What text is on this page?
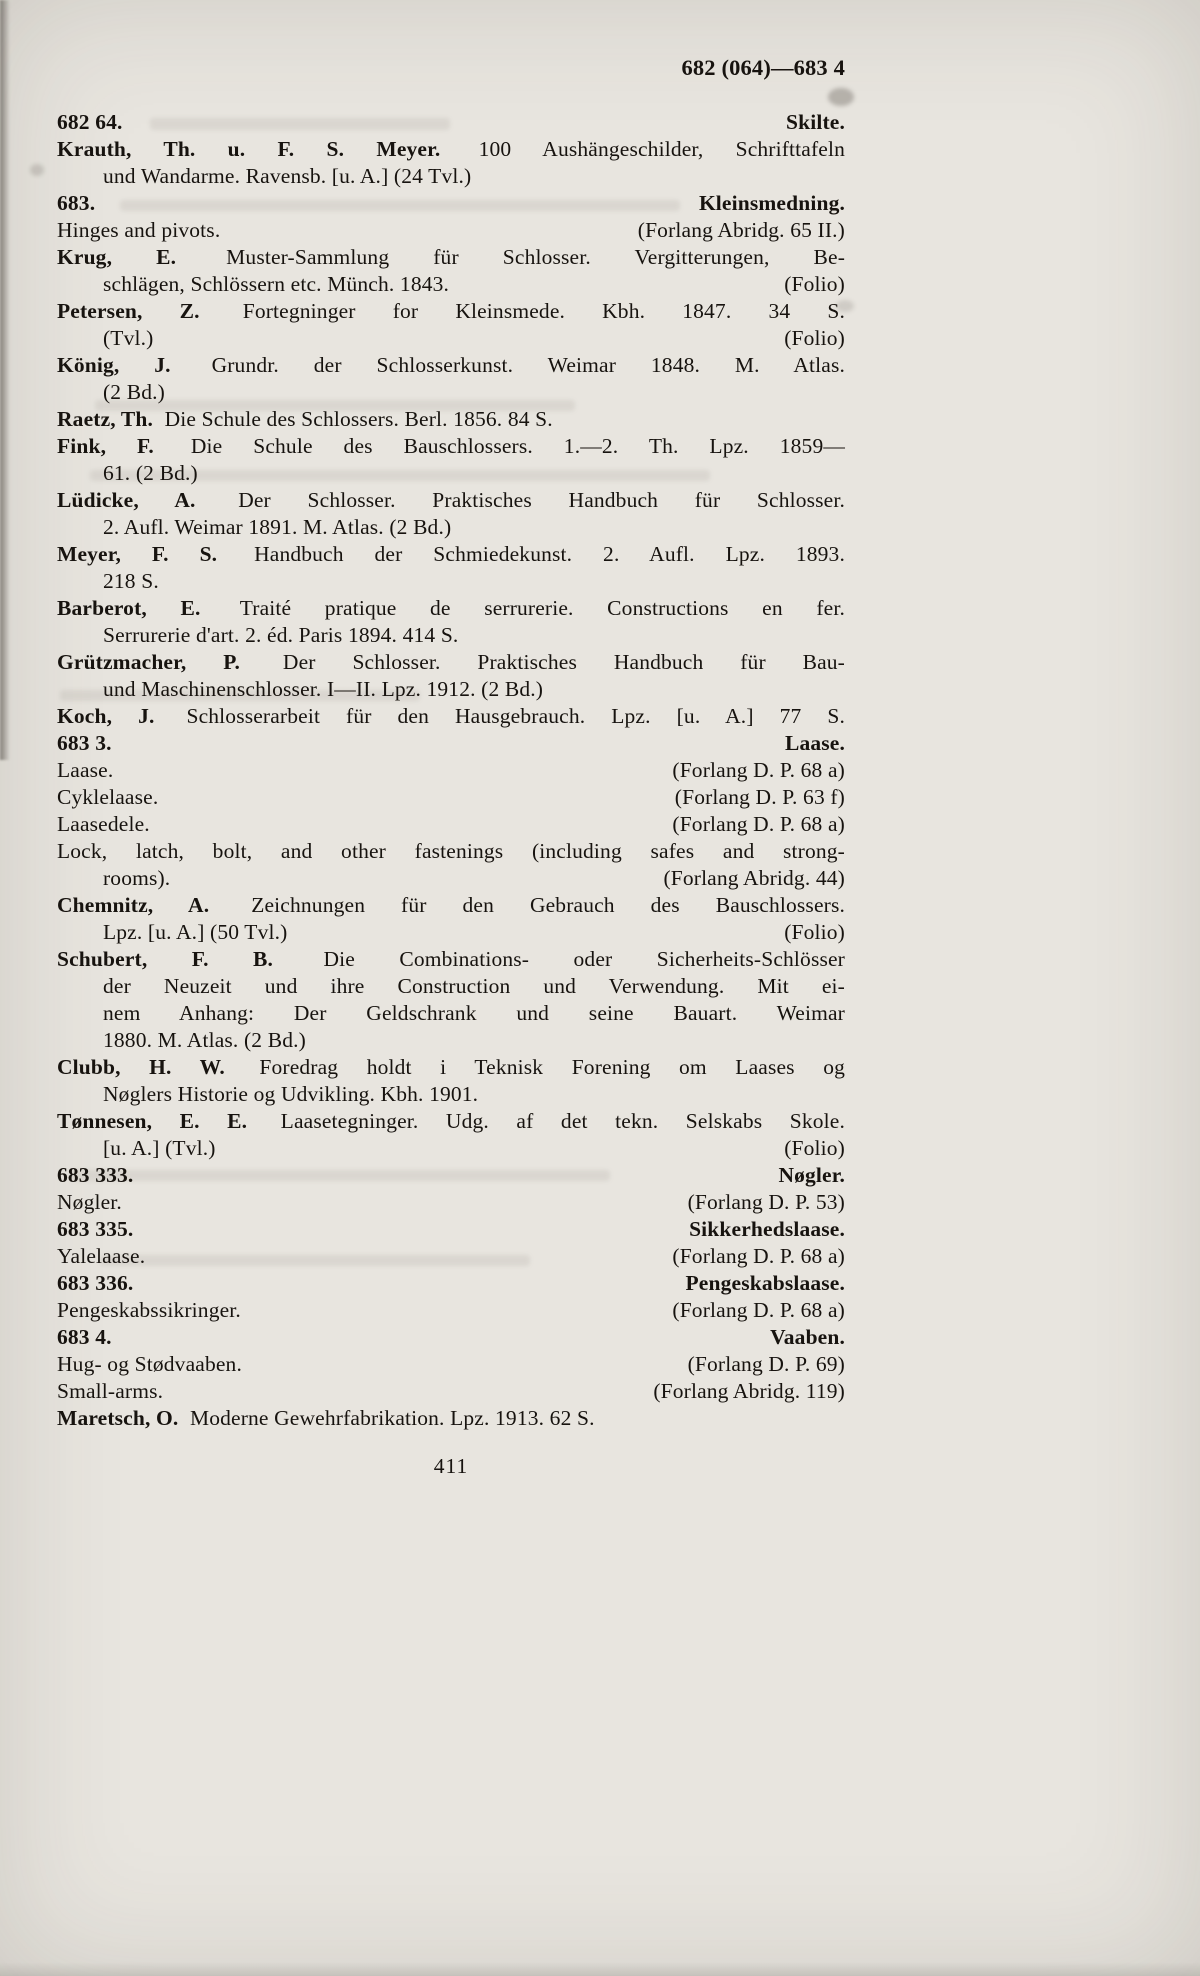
682 (064)—683 4
682 64.	Skilte.
Krauth, Th. u. F. S. Meyer. 100 Aushängeschilder, Schrifttafeln
und Wandarme. Ravensb. [u. A.] (24 Tvl.)
683.	Kleinsmedning.
Hinges and pivots.	(Forlang Abridg. 65 II.)
Krug, E. Muster-Sammlung für Schlosser. Vergitterungen, Be-
schlägen, Schlössern etc. Münch. 1843.	(Folio)
Petersen, Z. Fortegninger for Kleinsmede. Kbh. 1847. 34 S.
(Tvl.)	(Folio)
König, J. Grundr. der Schlosserkunst. Weimar 1848. M. Atlas.
(2 Bd.)
Raetz, Th. Die Schule des Schlossers. Berl. 1856. 84 S.
Fink, F. Die Schule des Bauschlossers. 1.—2. Th. Lpz. 1859—
61. (2 Bd.)
Lüdicke, A. Der Schlosser. Praktisches Handbuch für Schlosser.
2. Aufl. Weimar 1891. M. Atlas. (2 Bd.)
Meyer, F. S. Handbuch der Schmiedekunst. 2. Aufl. Lpz. 1893.
218 S.
Barberot, E. Traité pratique de serrurerie. Constructions en fer.
Serrurerie d'art. 2. éd. Paris 1894. 414 S.
Grützmacher, P. Der Schlosser. Praktisches Handbuch für Bau-
und Maschinenschlosser. I—II. Lpz. 1912. (2 Bd.)
Koch, J. Schlosserarbeit für den Hausgebrauch. Lpz. [u. A.] 77 S.
683 3.	Laase.
Laase.	(Forlang D. P. 68 a)
Cyklelaase.	(Forlang D. P. 63 f)
Laasedele.	(Forlang D. P. 68 a)
Lock, latch, bolt, and other fastenings (including safes and strong-
rooms).	(Forlang Abridg. 44)
Chemnitz, A. Zeichnungen für den Gebrauch des Bauschlossers.
Lpz. [u. A.] (50 Tvl.)	(Folio)
Schubert, F. B. Die Combinations- oder Sicherheits-Schlösser
der Neuzeit und ihre Construction und Verwendung. Mit ei-
nem Anhang: Der Geldschrank und seine Bauart. Weimar
1880. M. Atlas. (2 Bd.)
Clubb, H. W. Foredrag holdt i Teknisk Forening om Laases og
Nøglers Historie og Udvikling. Kbh. 1901.
Tønnesen, E. E. Laasetegninger. Udg. af det tekn. Selskabs Skole.
[u. A.] (Tvl.)	(Folio)
683 333.	Nøgler.
Nøgler.	(Forlang D. P. 53)
683 335.	Sikkerhedslaase.
Yalelaase.	(Forlang D. P. 68 a)
683 336.	Pengeskabslaase.
Pengeskabssikringer.	(Forlang D. P. 68 a)
683 4.	Vaaben.
Hug- og Stødvaaben.	(Forlang D. P. 69)
Small-arms.	(Forlang Abridg. 119)
Maretsch, O. Moderne Gewehrfabrikation. Lpz. 1913. 62 S.
411
